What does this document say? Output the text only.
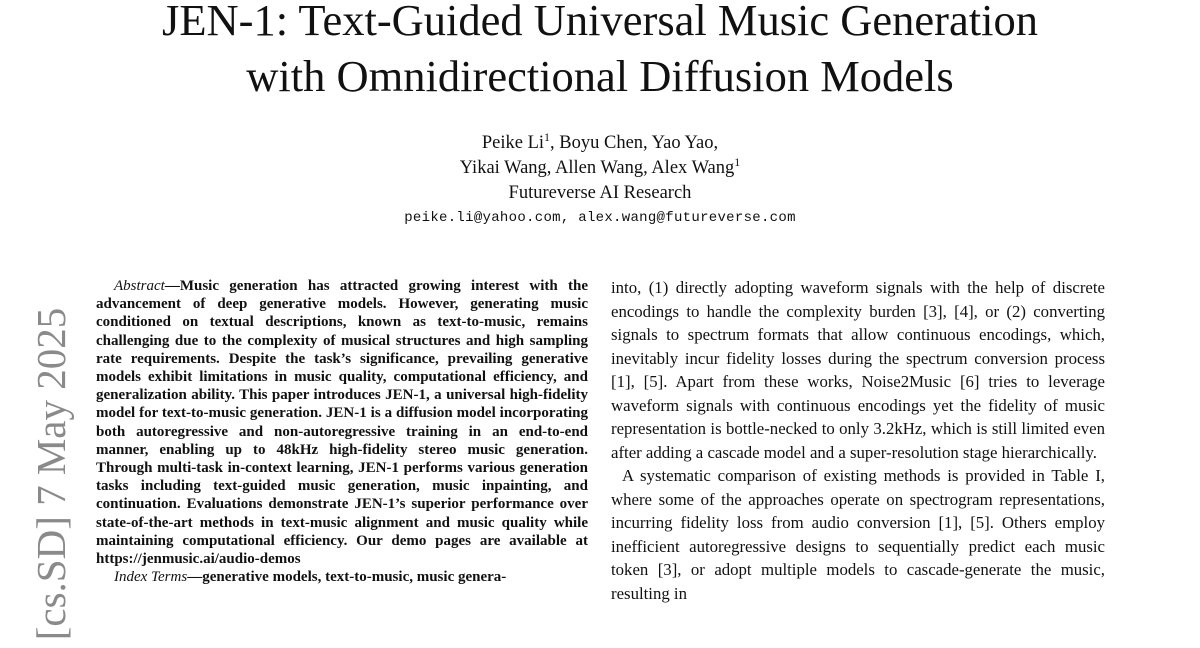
JEN-1: Text-Guided Universal Music Generation
with Omnidirectional Diffusion Models
Peike Li$^1$, Boyu Chen, Yao Yao,
Yikai Wang, Allen Wang, Alex Wang$^1$
Futureverse AI Research
peike.li@yahoo.com, alex.wang@futureverse.com
[cs.SD] 7 May 2025
Abstract—Music generation has attracted growing interest with the advancement of deep generative models. However, generating music conditioned on textual descriptions, known as text-to-music, remains challenging due to the complexity of musical structures and high sampling rate requirements. Despite the task’s significance, prevailing generative models exhibit limitations in music quality, computational efficiency, and generalization ability. This paper introduces JEN-1, a universal high-fidelity model for text-to-music generation. JEN-1 is a diffusion model incorporating both autoregressive and non-autoregressive training in an end-to-end manner, enabling up to 48kHz high-fidelity stereo music generation. Through multi-task in-context learning, JEN-1 performs various generation tasks including text-guided music generation, music inpainting, and continuation. Evaluations demonstrate JEN-1’s superior performance over state-of-the-art methods in text-music alignment and music quality while maintaining computational efficiency. Our demo pages are available at https://jenmusic.ai/audio-demos
Index Terms—generative models, text-to-music, music genera-

into, (1) directly adopting waveform signals with the help of discrete encodings to handle the complexity burden [3], [4], or (2) converting signals to spectrum formats that allow continuous encodings, which, inevitably incur fidelity losses during the spectrum conversion process [1], [5]. Apart from these works, Noise2Music [6] tries to leverage waveform signals with continuous encodings yet the fidelity of music representation is bottle-necked to only 3.2kHz, which is still limited even after adding a cascade model and a super-resolution stage hierarchically.

A systematic comparison of existing methods is provided in Table I, where some of the approaches operate on spectrogram representations, incurring fidelity loss from audio conversion [1], [5]. Others employ inefficient autoregressive designs to sequentially predict each music token [3], or adopt multiple models to cascade-generate the music, resulting in
